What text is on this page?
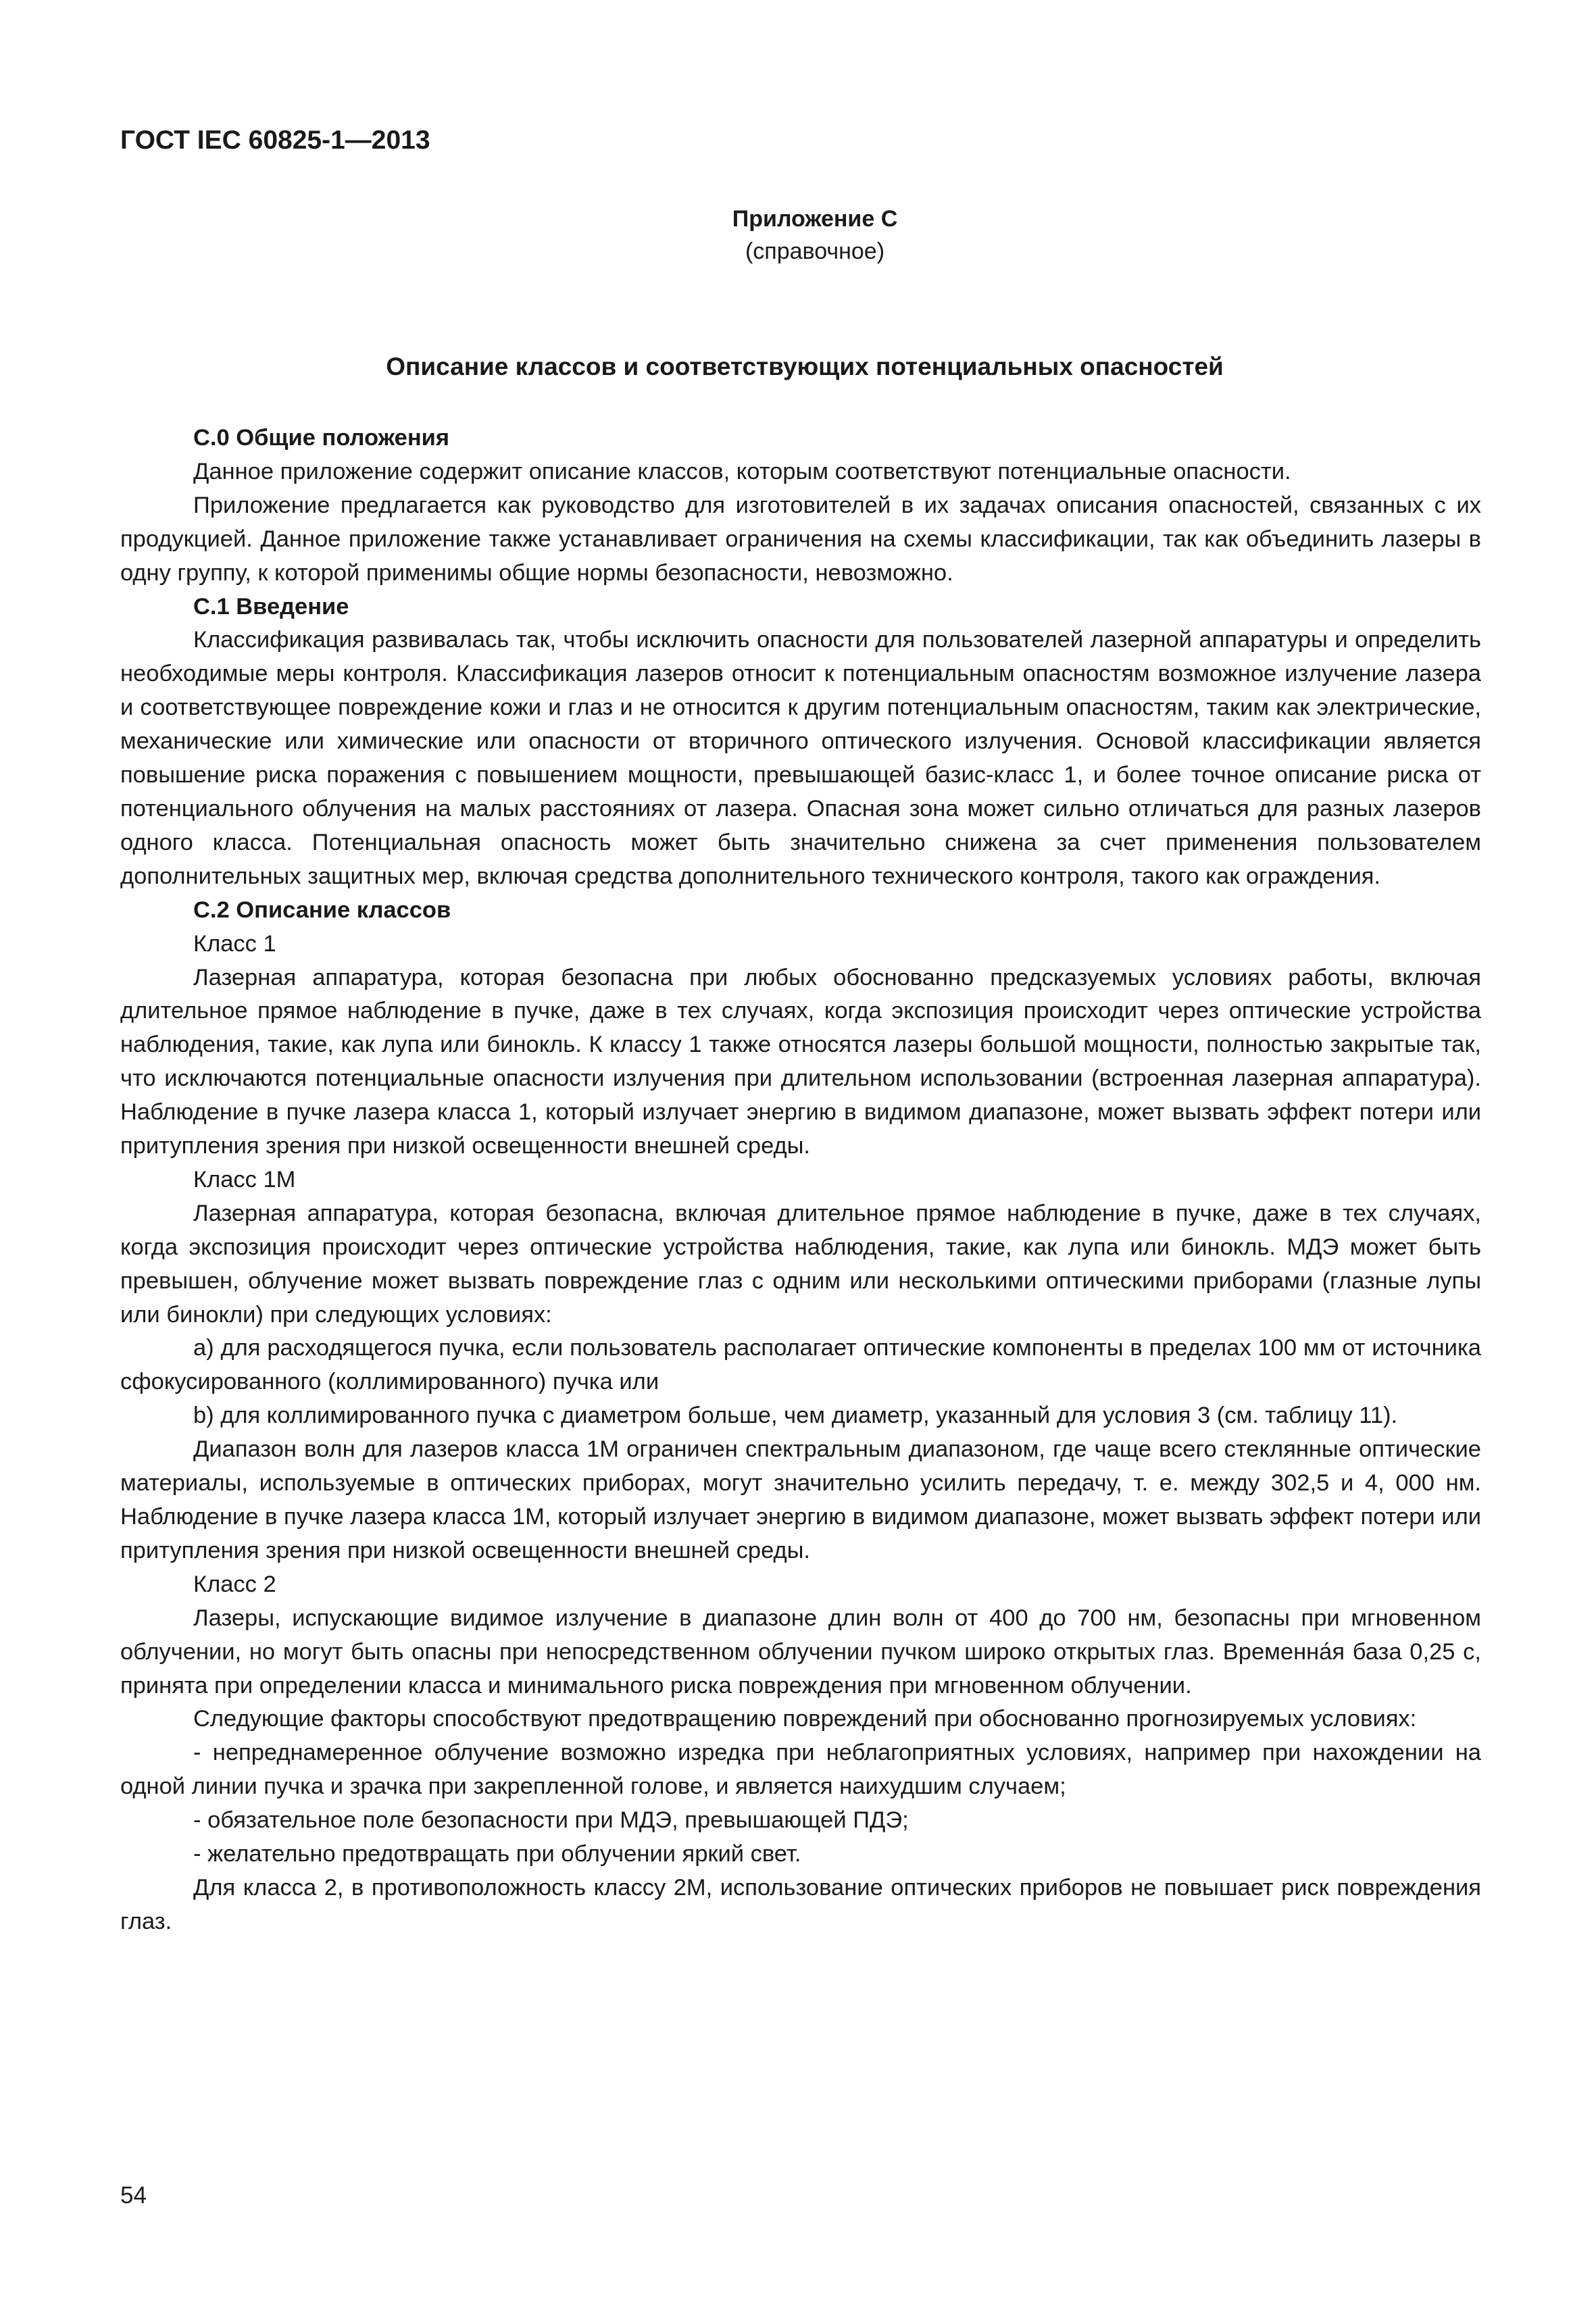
ГОСТ IEC 60825-1—2013
Приложение С
(справочное)
Описание классов и соответствующих потенциальных опасностей

С.0 Общие положения

Данное приложение содержит описание классов, которым соответствуют потенциальные опасности.

Приложение предлагается как руководство для изготовителей в их задачах описания опасностей, связанных с их продукцией. Данное приложение также устанавливает ограничения на схемы классификации, так как объединить лазеры в одну группу, к которой применимы общие нормы безопасности, невозможно.

С.1 Введение

Классификация развивалась так, чтобы исключить опасности для пользователей лазерной аппаратуры и определить необходимые меры контроля. Классификация лазеров относит к потенциальным опасностям возможное излучение лазера и соответствующее повреждение кожи и глаз и не относится к другим потенциальным опасностям, таким как электрические, механические или химические или опасности от вторичного оптического излучения. Основой классификации является повышение риска поражения с повышением мощности, превышающей базис-класс 1, и более точное описание риска от потенциального облучения на малых расстояниях от лазера. Опасная зона может сильно отличаться для разных лазеров одного класса. Потенциальная опасность может быть значительно снижена за счет применения пользователем дополнительных защитных мер, включая средства дополнительного технического контроля, такого как ограждения.

С.2 Описание классов

Класс 1

Лазерная аппаратура, которая безопасна при любых обоснованно предсказуемых условиях работы, включая длительное прямое наблюдение в пучке, даже в тех случаях, когда экспозиция происходит через оптические устройства наблюдения, такие, как лупа или бинокль. К классу 1 также относятся лазеры большой мощности, полностью закрытые так, что исключаются потенциальные опасности излучения при длительном использовании (встроенная лазерная аппаратура). Наблюдение в пучке лазера класса 1, который излучает энергию в видимом диапазоне, может вызвать эффект потери или притупления зрения при низкой освещенности внешней среды.

Класс 1М

Лазерная аппаратура, которая безопасна, включая длительное прямое наблюдение в пучке, даже в тех случаях, когда экспозиция происходит через оптические устройства наблюдения, такие, как лупа или бинокль. МДЭ может быть превышен, облучение может вызвать повреждение глаз с одним или несколькими оптическими приборами (глазные лупы или бинокли) при следующих условиях:

а) для расходящегося пучка, если пользователь располагает оптические компоненты в пределах 100 мм от источника сфокусированного (коллимированного) пучка или

b) для коллимированного пучка с диаметром больше, чем диаметр, указанный для условия 3 (см. таблицу 11).

Диапазон волн для лазеров класса 1М ограничен спектральным диапазоном, где чаще всего стеклянные оптические материалы, используемые в оптических приборах, могут значительно усилить передачу, т. е. между 302,5 и 4, 000 нм. Наблюдение в пучке лазера класса 1М, который излучает энергию в видимом диапазоне, может вызвать эффект потери или притупления зрения при низкой освещенности внешней среды.

Класс 2

Лазеры, испускающие видимое излучение в диапазоне длин волн от 400 до 700 нм, безопасны при мгновенном облучении, но могут быть опасны при непосредственном облучении пучком широко открытых глаз. Временна́я база 0,25 с, принята при определении класса и минимального риска повреждения при мгновенном облучении.

Следующие факторы способствуют предотвращению повреждений при обоснованно прогнозируемых условиях:

- непреднамеренное облучение возможно изредка при неблагоприятных условиях, например при нахождении на одной линии пучка и зрачка при закрепленной голове, и является наихудшим случаем;

- обязательное поле безопасности при МДЭ, превышающей ПДЭ;

- желательно предотвращать при облучении яркий свет.

Для класса 2, в противоположность классу 2М, использование оптических приборов не повышает риск повреждения глаз.

54
